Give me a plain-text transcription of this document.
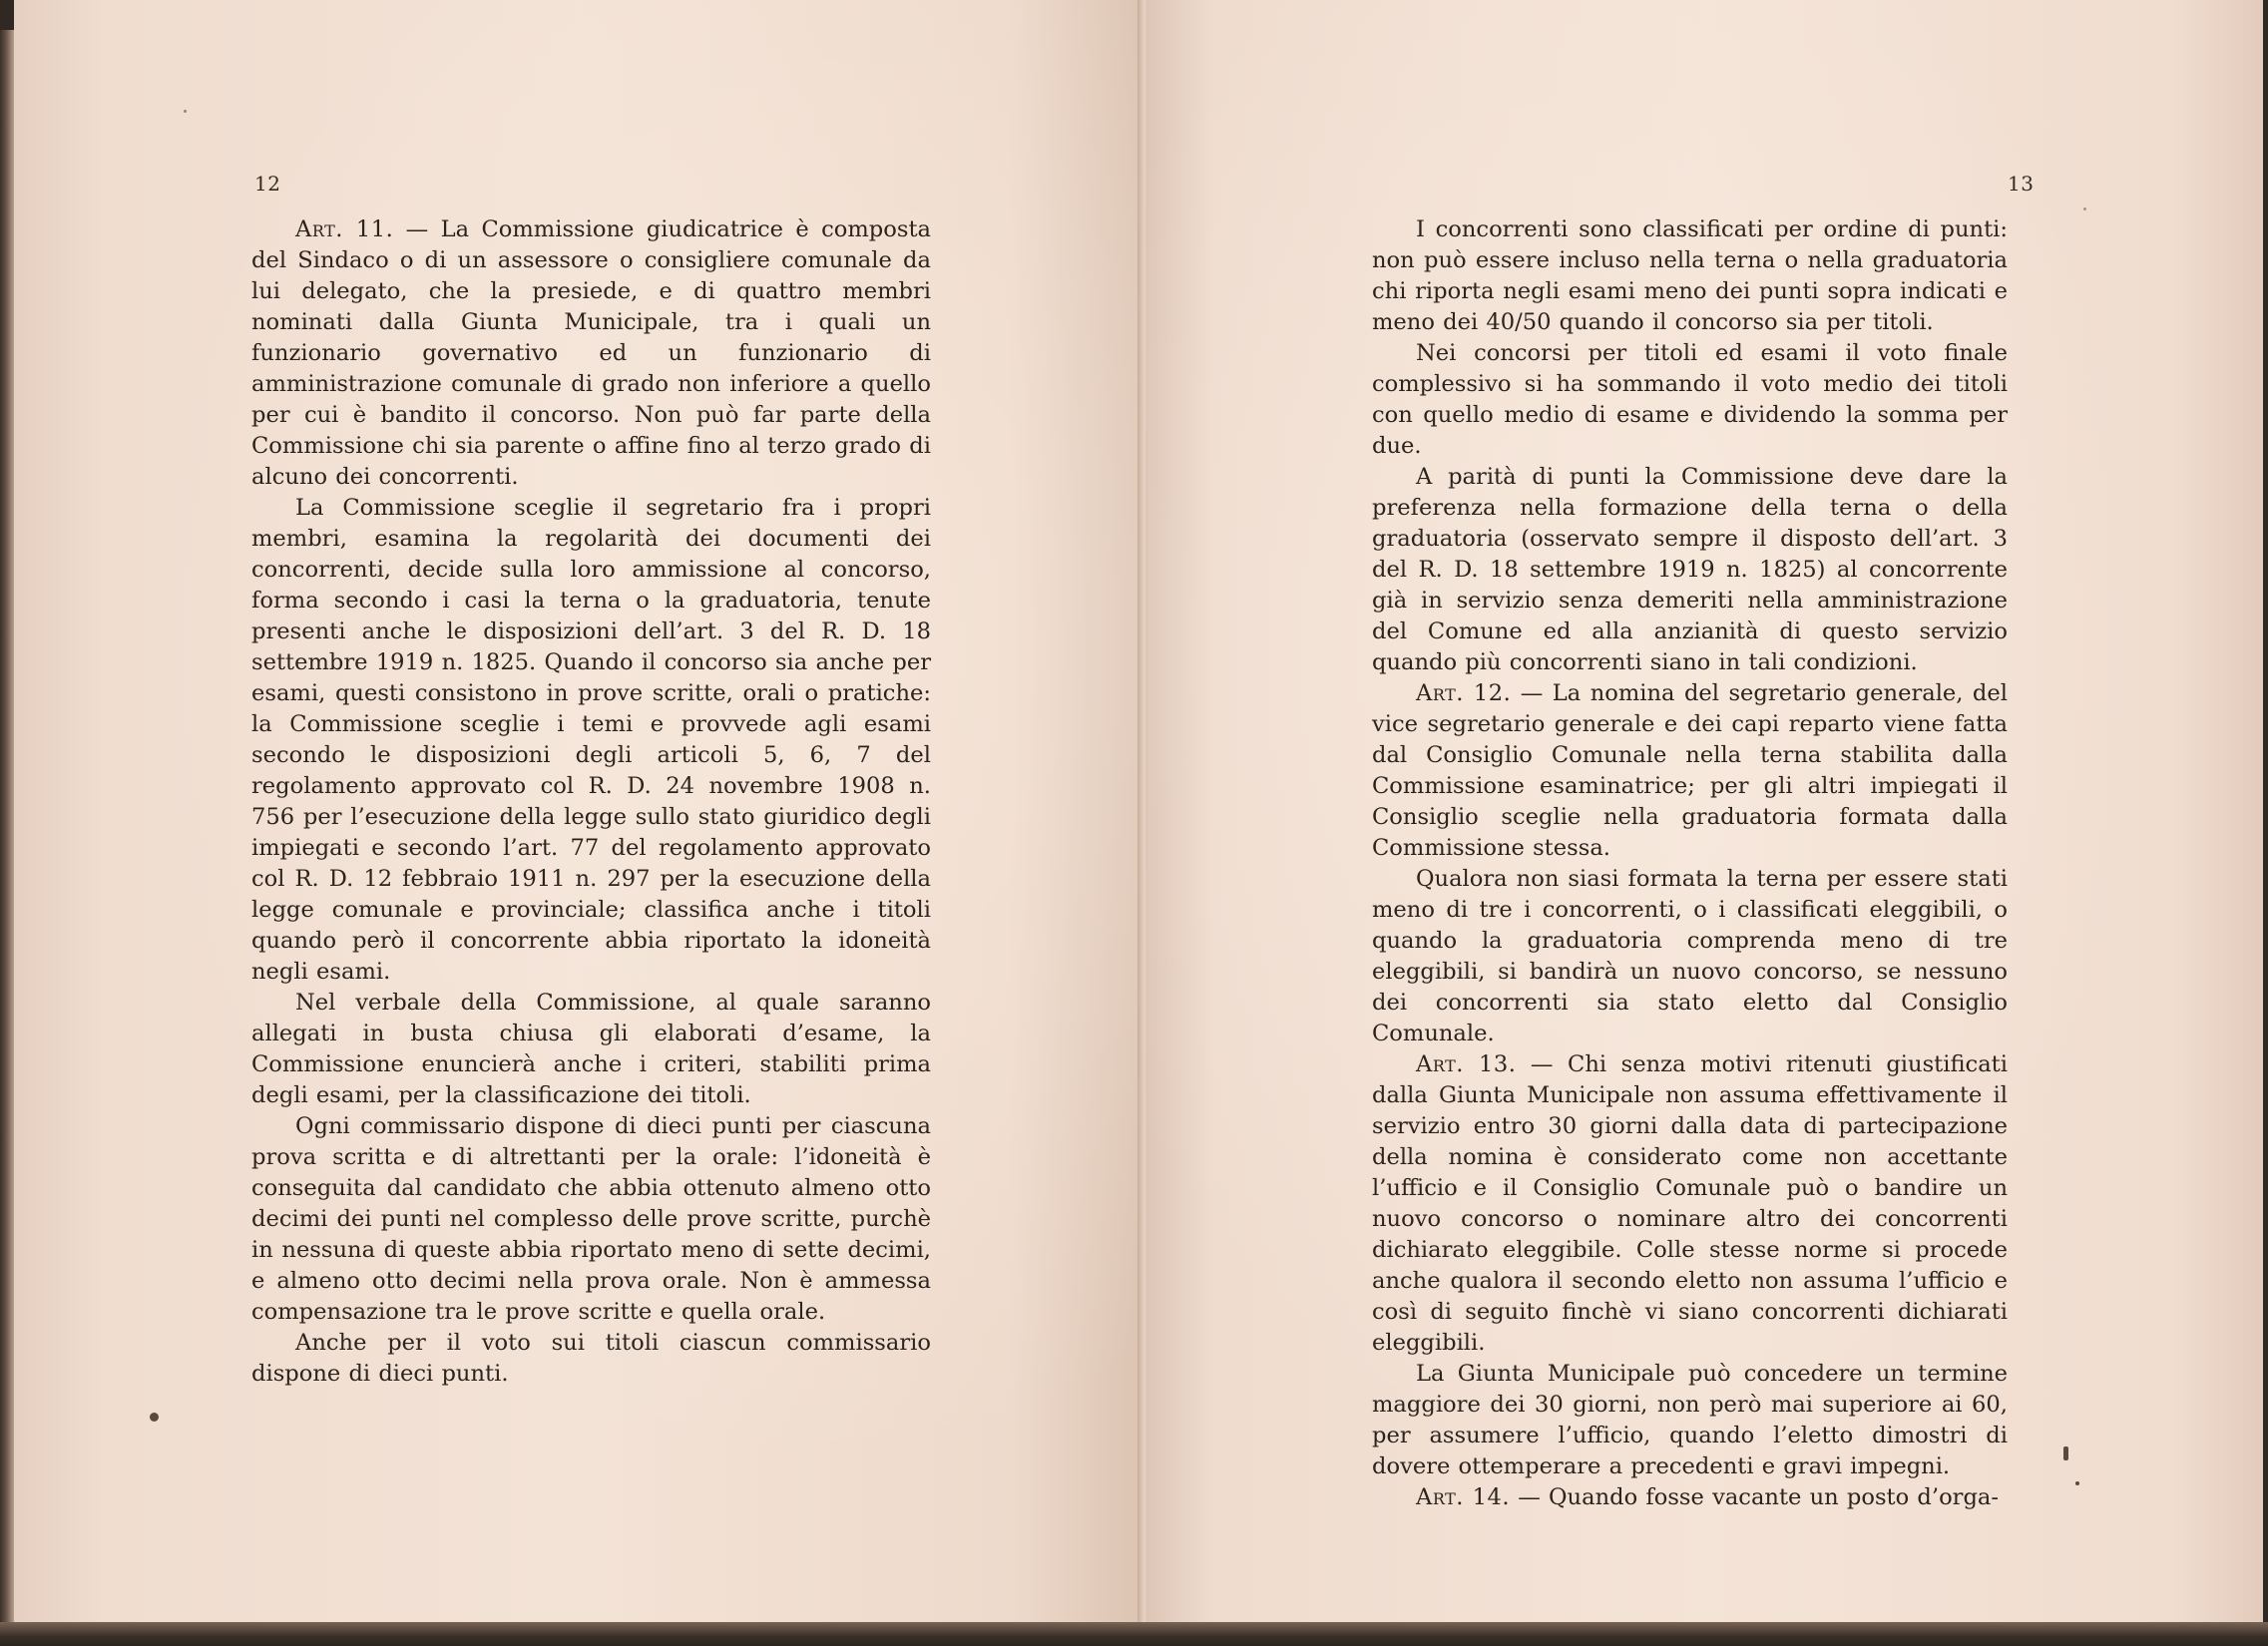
12

Art. 11. — La Commissione giudicatrice è composta del Sindaco o di un assessore o consigliere comunale da lui delegato, che la presiede, e di quattro membri nominati dalla Giunta Municipale, tra i quali un funzionario governativo ed un funzionario di amministrazione comunale di grado non inferiore a quello per cui è bandito il concorso. Non può far parte della Commissione chi sia parente o affine fino al terzo grado di alcuno dei concorrenti.

La Commissione sceglie il segretario fra i propri membri, esamina la regolarità dei documenti dei concorrenti, decide sulla loro ammissione al concorso, forma secondo i casi la terna o la graduatoria, tenute presenti anche le disposizioni dell’art. 3 del R. D. 18 settembre 1919 n. 1825. Quando il concorso sia anche per esami, questi consistono in prove scritte, orali o pratiche: la Commissione sceglie i temi e provvede agli esami secondo le disposizioni degli articoli 5, 6, 7 del regolamento approvato col R. D. 24 novembre 1908 n. 756 per l’esecuzione della legge sullo stato giuridico degli impiegati e secondo l’art. 77 del regolamento approvato col R. D. 12 febbraio 1911 n. 297 per la esecuzione della legge comunale e provinciale; classifica anche i titoli quando però il concorrente abbia riportato la idoneità negli esami.

Nel verbale della Commissione, al quale saranno allegati in busta chiusa gli elaborati d’esame, la Commissione enuncierà anche i criteri, stabiliti prima degli esami, per la classificazione dei titoli.

Ogni commissario dispone di dieci punti per ciascuna prova scritta e di altrettanti per la orale: l’idoneità è conseguita dal candidato che abbia ottenuto almeno otto decimi dei punti nel complesso delle prove scritte, purchè in nessuna di queste abbia riportato meno di sette decimi, e almeno otto decimi nella prova orale. Non è ammessa compensazione tra le prove scritte e quella orale.

Anche per il voto sui titoli ciascun commissario dispone di dieci punti.

13

I concorrenti sono classificati per ordine di punti: non può essere incluso nella terna o nella graduatoria chi riporta negli esami meno dei punti sopra indicati e meno dei 40/50 quando il concorso sia per titoli.

Nei concorsi per titoli ed esami il voto finale complessivo si ha sommando il voto medio dei titoli con quello medio di esame e dividendo la somma per due.

A parità di punti la Commissione deve dare la preferenza nella formazione della terna o della graduatoria (osservato sempre il disposto dell’art. 3 del R. D. 18 settembre 1919 n. 1825) al concorrente già in servizio senza demeriti nella amministrazione del Comune ed alla anzianità di questo servizio quando più concorrenti siano in tali condizioni.

Art. 12. — La nomina del segretario generale, del vice segretario generale e dei capi reparto viene fatta dal Consiglio Comunale nella terna stabilita dalla Commissione esaminatrice; per gli altri impiegati il Consiglio sceglie nella graduatoria formata dalla Commissione stessa.

Qualora non siasi formata la terna per essere stati meno di tre i concorrenti, o i classificati eleggibili, o quando la graduatoria comprenda meno di tre eleggibili, si bandirà un nuovo concorso, se nessuno dei concorrenti sia stato eletto dal Consiglio Comunale.

Art. 13. — Chi senza motivi ritenuti giustificati dalla Giunta Municipale non assuma effettivamente il servizio entro 30 giorni dalla data di partecipazione della nomina è considerato come non accettante l’ufficio e il Consiglio Comunale può o bandire un nuovo concorso o nominare altro dei concorrenti dichiarato eleggibile. Colle stesse norme si procede anche qualora il secondo eletto non assuma l’ufficio e così di seguito finchè vi siano concorrenti dichiarati eleggibili.

La Giunta Municipale può concedere un termine maggiore dei 30 giorni, non però mai superiore ai 60, per assumere l’ufficio, quando l’eletto dimostri di dovere ottemperare a precedenti e gravi impegni.

Art. 14. — Quando fosse vacante un posto d’orga-
